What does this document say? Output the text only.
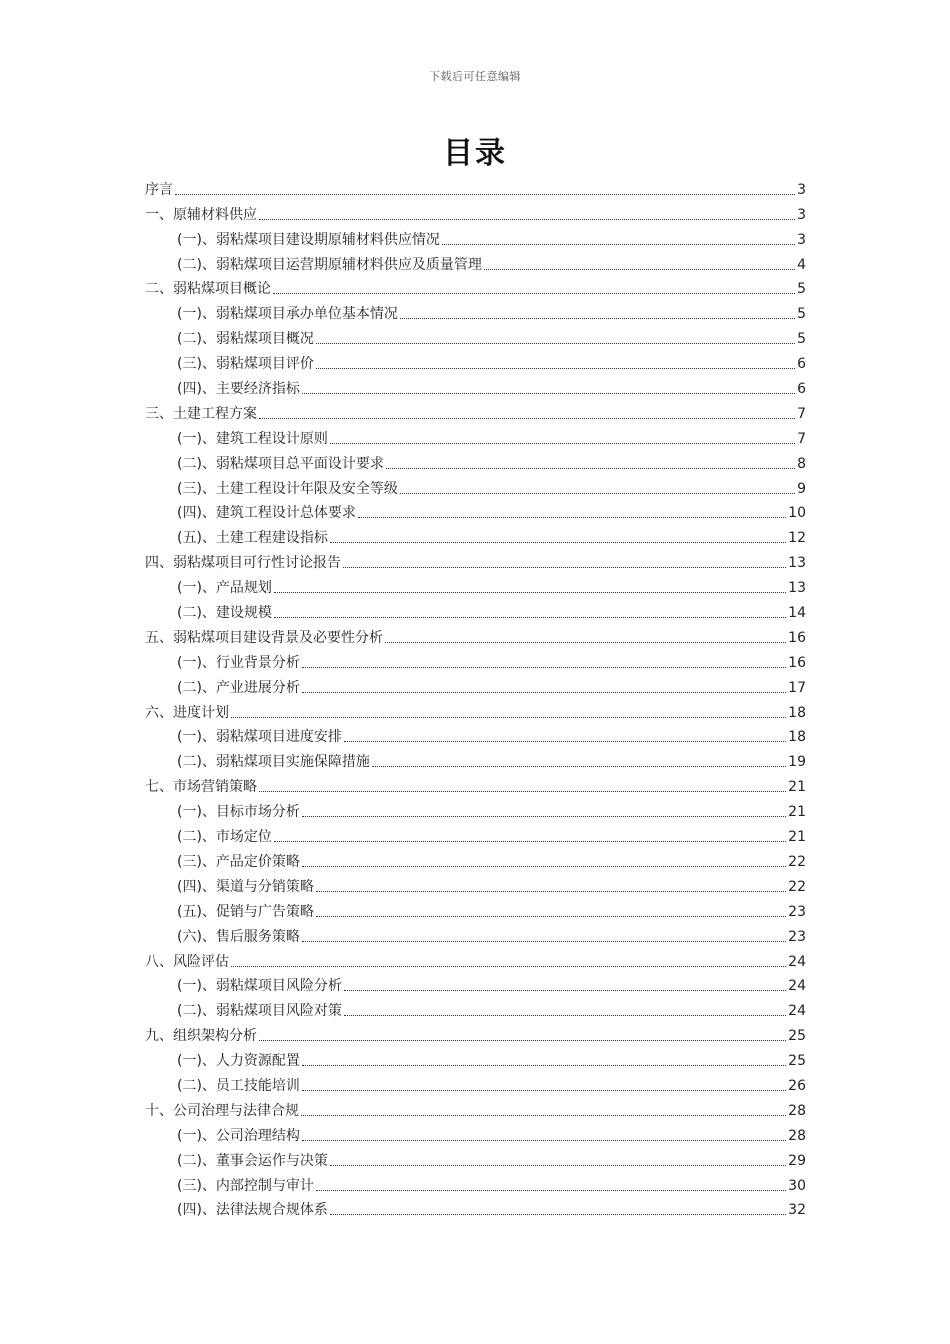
下载后可任意编辑
目录
序言	3
一、原辅材料供应	3
(一)、弱粘煤项目建设期原辅材料供应情况	3
(二)、弱粘煤项目运营期原辅材料供应及质量管理	4
二、弱粘煤项目概论	5
(一)、弱粘煤项目承办单位基本情况	5
(二)、弱粘煤项目概况	5
(三)、弱粘煤项目评价	6
(四)、主要经济指标	6
三、土建工程方案	7
(一)、建筑工程设计原则	7
(二)、弱粘煤项目总平面设计要求	8
(三)、土建工程设计年限及安全等级	9
(四)、建筑工程设计总体要求	10
(五)、土建工程建设指标	12
四、弱粘煤项目可行性讨论报告	13
(一)、产品规划	13
(二)、建设规模	14
五、弱粘煤项目建设背景及必要性分析	16
(一)、行业背景分析	16
(二)、产业进展分析	17
六、进度计划	18
(一)、弱粘煤项目进度安排	18
(二)、弱粘煤项目实施保障措施	19
七、市场营销策略	21
(一)、目标市场分析	21
(二)、市场定位	21
(三)、产品定价策略	22
(四)、渠道与分销策略	22
(五)、促销与广告策略	23
(六)、售后服务策略	23
八、风险评估	24
(一)、弱粘煤项目风险分析	24
(二)、弱粘煤项目风险对策	24
九、组织架构分析	25
(一)、人力资源配置	25
(二)、员工技能培训	26
十、公司治理与法律合规	28
(一)、公司治理结构	28
(二)、董事会运作与决策	29
(三)、内部控制与审计	30
(四)、法律法规合规体系	32
